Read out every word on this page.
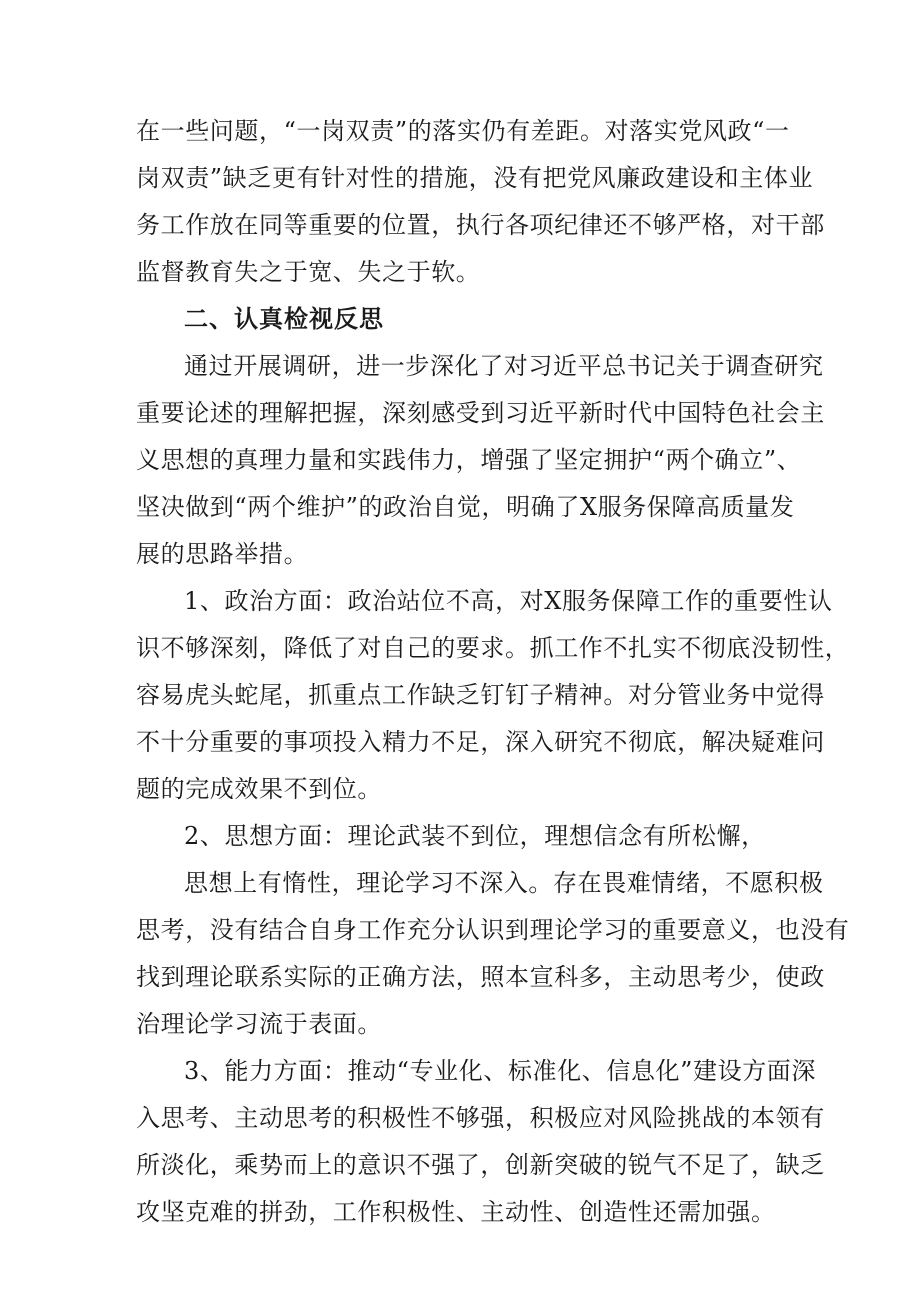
在一些问题，“一岗双责”的落实仍有差距。对落实党风政“一
岗双责”缺乏更有针对性的措施，没有把党风廉政建设和主体业
务工作放在同等重要的位置，执行各项纪律还不够严格，对干部
监督教育失之于宽、失之于软。
二、认真检视反思
通过开展调研，进一步深化了对习近平总书记关于调查研究
重要论述的理解把握，深刻感受到习近平新时代中国特色社会主
义思想的真理力量和实践伟力，增强了坚定拥护“两个确立”、
坚决做到“两个维护”的政治自觉，明确了X服务保障高质量发
展的思路举措。
1、政治方面：政治站位不高，对X服务保障工作的重要性认
识不够深刻，降低了对自己的要求。抓工作不扎实不彻底没韧性，
容易虎头蛇尾，抓重点工作缺乏钉钉子精神。对分管业务中觉得
不十分重要的事项投入精力不足，深入研究不彻底，解决疑难问
题的完成效果不到位。
2、思想方面：理论武装不到位，理想信念有所松懈，
思想上有惰性，理论学习不深入。存在畏难情绪，不愿积极
思考，没有结合自身工作充分认识到理论学习的重要意义，也没有
找到理论联系实际的正确方法，照本宣科多，主动思考少，使政
治理论学习流于表面。
3、能力方面：推动“专业化、标准化、信息化”建设方面深
入思考、主动思考的积极性不够强，积极应对风险挑战的本领有
所淡化，乘势而上的意识不强了，创新突破的锐气不足了，缺乏
攻坚克难的拼劲，工作积极性、主动性、创造性还需加强。
